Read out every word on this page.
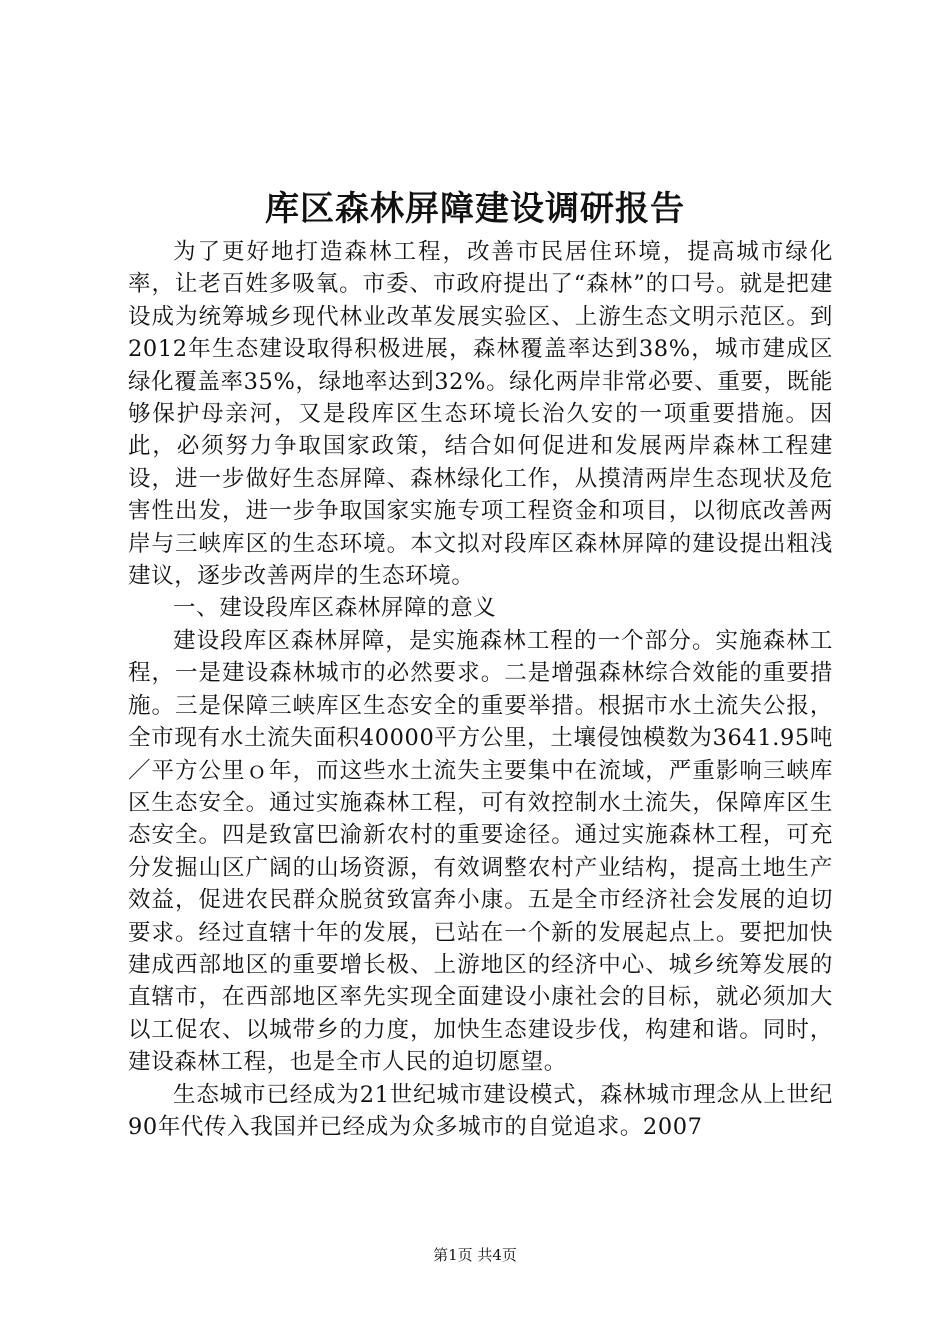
库区森林屏障建设调研报告

为了更好地打造森林工程，改善市民居住环境，提高城市绿化率，让老百姓多吸氧。市委、市政府提出了“森林”的口号。就是把建设成为统筹城乡现代林业改革发展实验区、上游生态文明示范区。到2012年生态建设取得积极进展，森林覆盖率达到38%，城市建成区绿化覆盖率35%，绿地率达到32%。绿化两岸非常必要、重要，既能够保护母亲河，又是段库区生态环境长治久安的一项重要措施。因此，必须努力争取国家政策，结合如何促进和发展两岸森林工程建设，进一步做好生态屏障、森林绿化工作，从摸清两岸生态现状及危害性出发，进一步争取国家实施专项工程资金和项目，以彻底改善两岸与三峡库区的生态环境。本文拟对段库区森林屏障的建设提出粗浅建议，逐步改善两岸的生态环境。

一、建设段库区森林屏障的意义

建设段库区森林屏障，是实施森林工程的一个部分。实施森林工程，一是建设森林城市的必然要求。二是增强森林综合效能的重要措施。三是保障三峡库区生态安全的重要举措。根据市水土流失公报，全市现有水土流失面积40000平方公里，土壤侵蚀模数为3641.95吨／平方公里ｏ年，而这些水土流失主要集中在流域，严重影响三峡库区生态安全。通过实施森林工程，可有效控制水土流失，保障库区生态安全。四是致富巴渝新农村的重要途径。通过实施森林工程，可充分发掘山区广阔的山场资源，有效调整农村产业结构，提高土地生产效益，促进农民群众脱贫致富奔小康。五是全市经济社会发展的迫切要求。经过直辖十年的发展，已站在一个新的发展起点上。要把加快建成西部地区的重要增长极、上游地区的经济中心、城乡统筹发展的直辖市，在西部地区率先实现全面建设小康社会的目标，就必须加大以工促农、以城带乡的力度，加快生态建设步伐，构建和谐。同时，建设森林工程，也是全市人民的迫切愿望。

生态城市已经成为21世纪城市建设模式，森林城市理念从上世纪90年代传入我国并已经成为众多城市的自觉追求。2007

第1页 共4页
